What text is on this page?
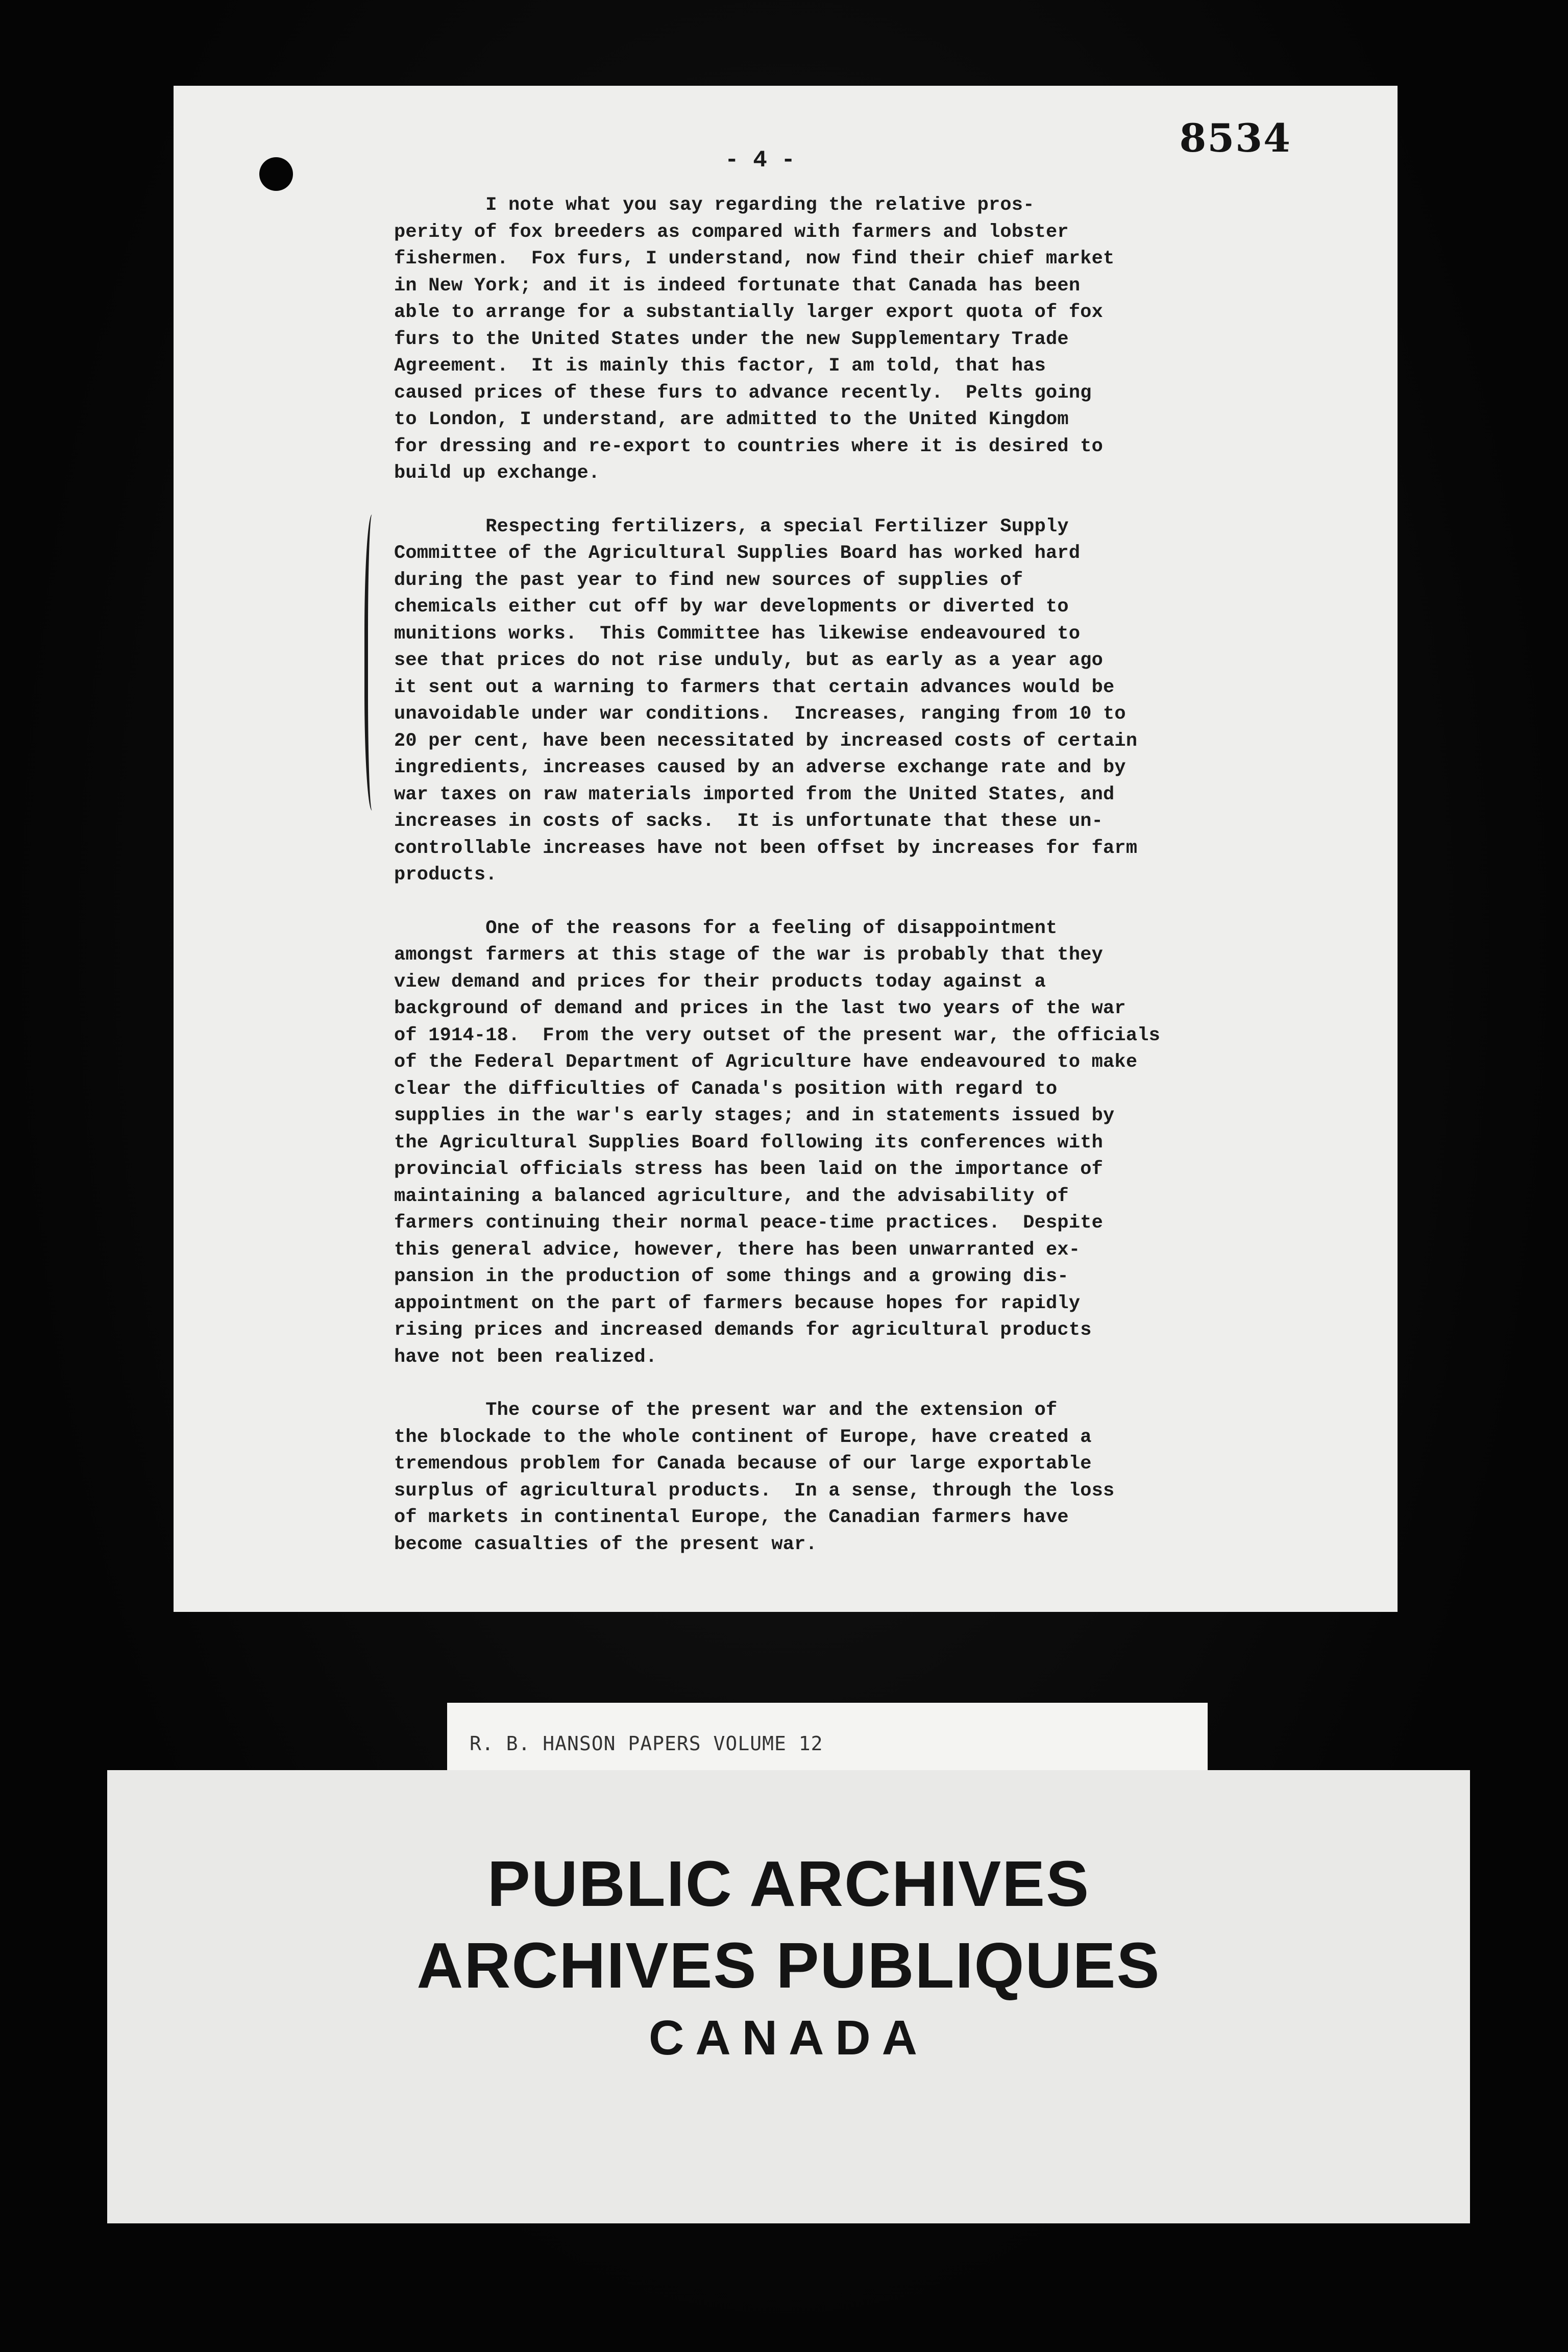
8534
- 4 -

I note what you say regarding the relative pros-
perity of fox breeders as compared with farmers and lobster
fishermen.  Fox furs, I understand, now find their chief market
in New York; and it is indeed fortunate that Canada has been
able to arrange for a substantially larger export quota of fox
furs to the United States under the new Supplementary Trade
Agreement.  It is mainly this factor, I am told, that has
caused prices of these furs to advance recently.  Pelts going
to London, I understand, are admitted to the United Kingdom
for dressing and re-export to countries where it is desired to
build up exchange.

Respecting fertilizers, a special Fertilizer Supply
Committee of the Agricultural Supplies Board has worked hard
during the past year to find new sources of supplies of
chemicals either cut off by war developments or diverted to
munitions works.  This Committee has likewise endeavoured to
see that prices do not rise unduly, but as early as a year ago
it sent out a warning to farmers that certain advances would be
unavoidable under war conditions.  Increases, ranging from 10 to
20 per cent, have been necessitated by increased costs of certain
ingredients, increases caused by an adverse exchange rate and by
war taxes on raw materials imported from the United States, and
increases in costs of sacks.  It is unfortunate that these un-
controllable increases have not been offset by increases for farm
products.

One of the reasons for a feeling of disappointment
amongst farmers at this stage of the war is probably that they
view demand and prices for their products today against a
background of demand and prices in the last two years of the war
of 1914-18.  From the very outset of the present war, the officials
of the Federal Department of Agriculture have endeavoured to make
clear the difficulties of Canada's position with regard to
supplies in the war's early stages; and in statements issued by
the Agricultural Supplies Board following its conferences with
provincial officials stress has been laid on the importance of
maintaining a balanced agriculture, and the advisability of
farmers continuing their normal peace-time practices.  Despite
this general advice, however, there has been unwarranted ex-
pansion in the production of some things and a growing dis-
appointment on the part of farmers because hopes for rapidly
rising prices and increased demands for agricultural products
have not been realized.

The course of the present war and the extension of
the blockade to the whole continent of Europe, have created a
tremendous problem for Canada because of our large exportable
surplus of agricultural products.  In a sense, through the loss
of markets in continental Europe, the Canadian farmers have
become casualties of the present war.

R. B. HANSON PAPERS VOLUME 12
PUBLIC ARCHIVES
ARCHIVES PUBLIQUES
CANADA
